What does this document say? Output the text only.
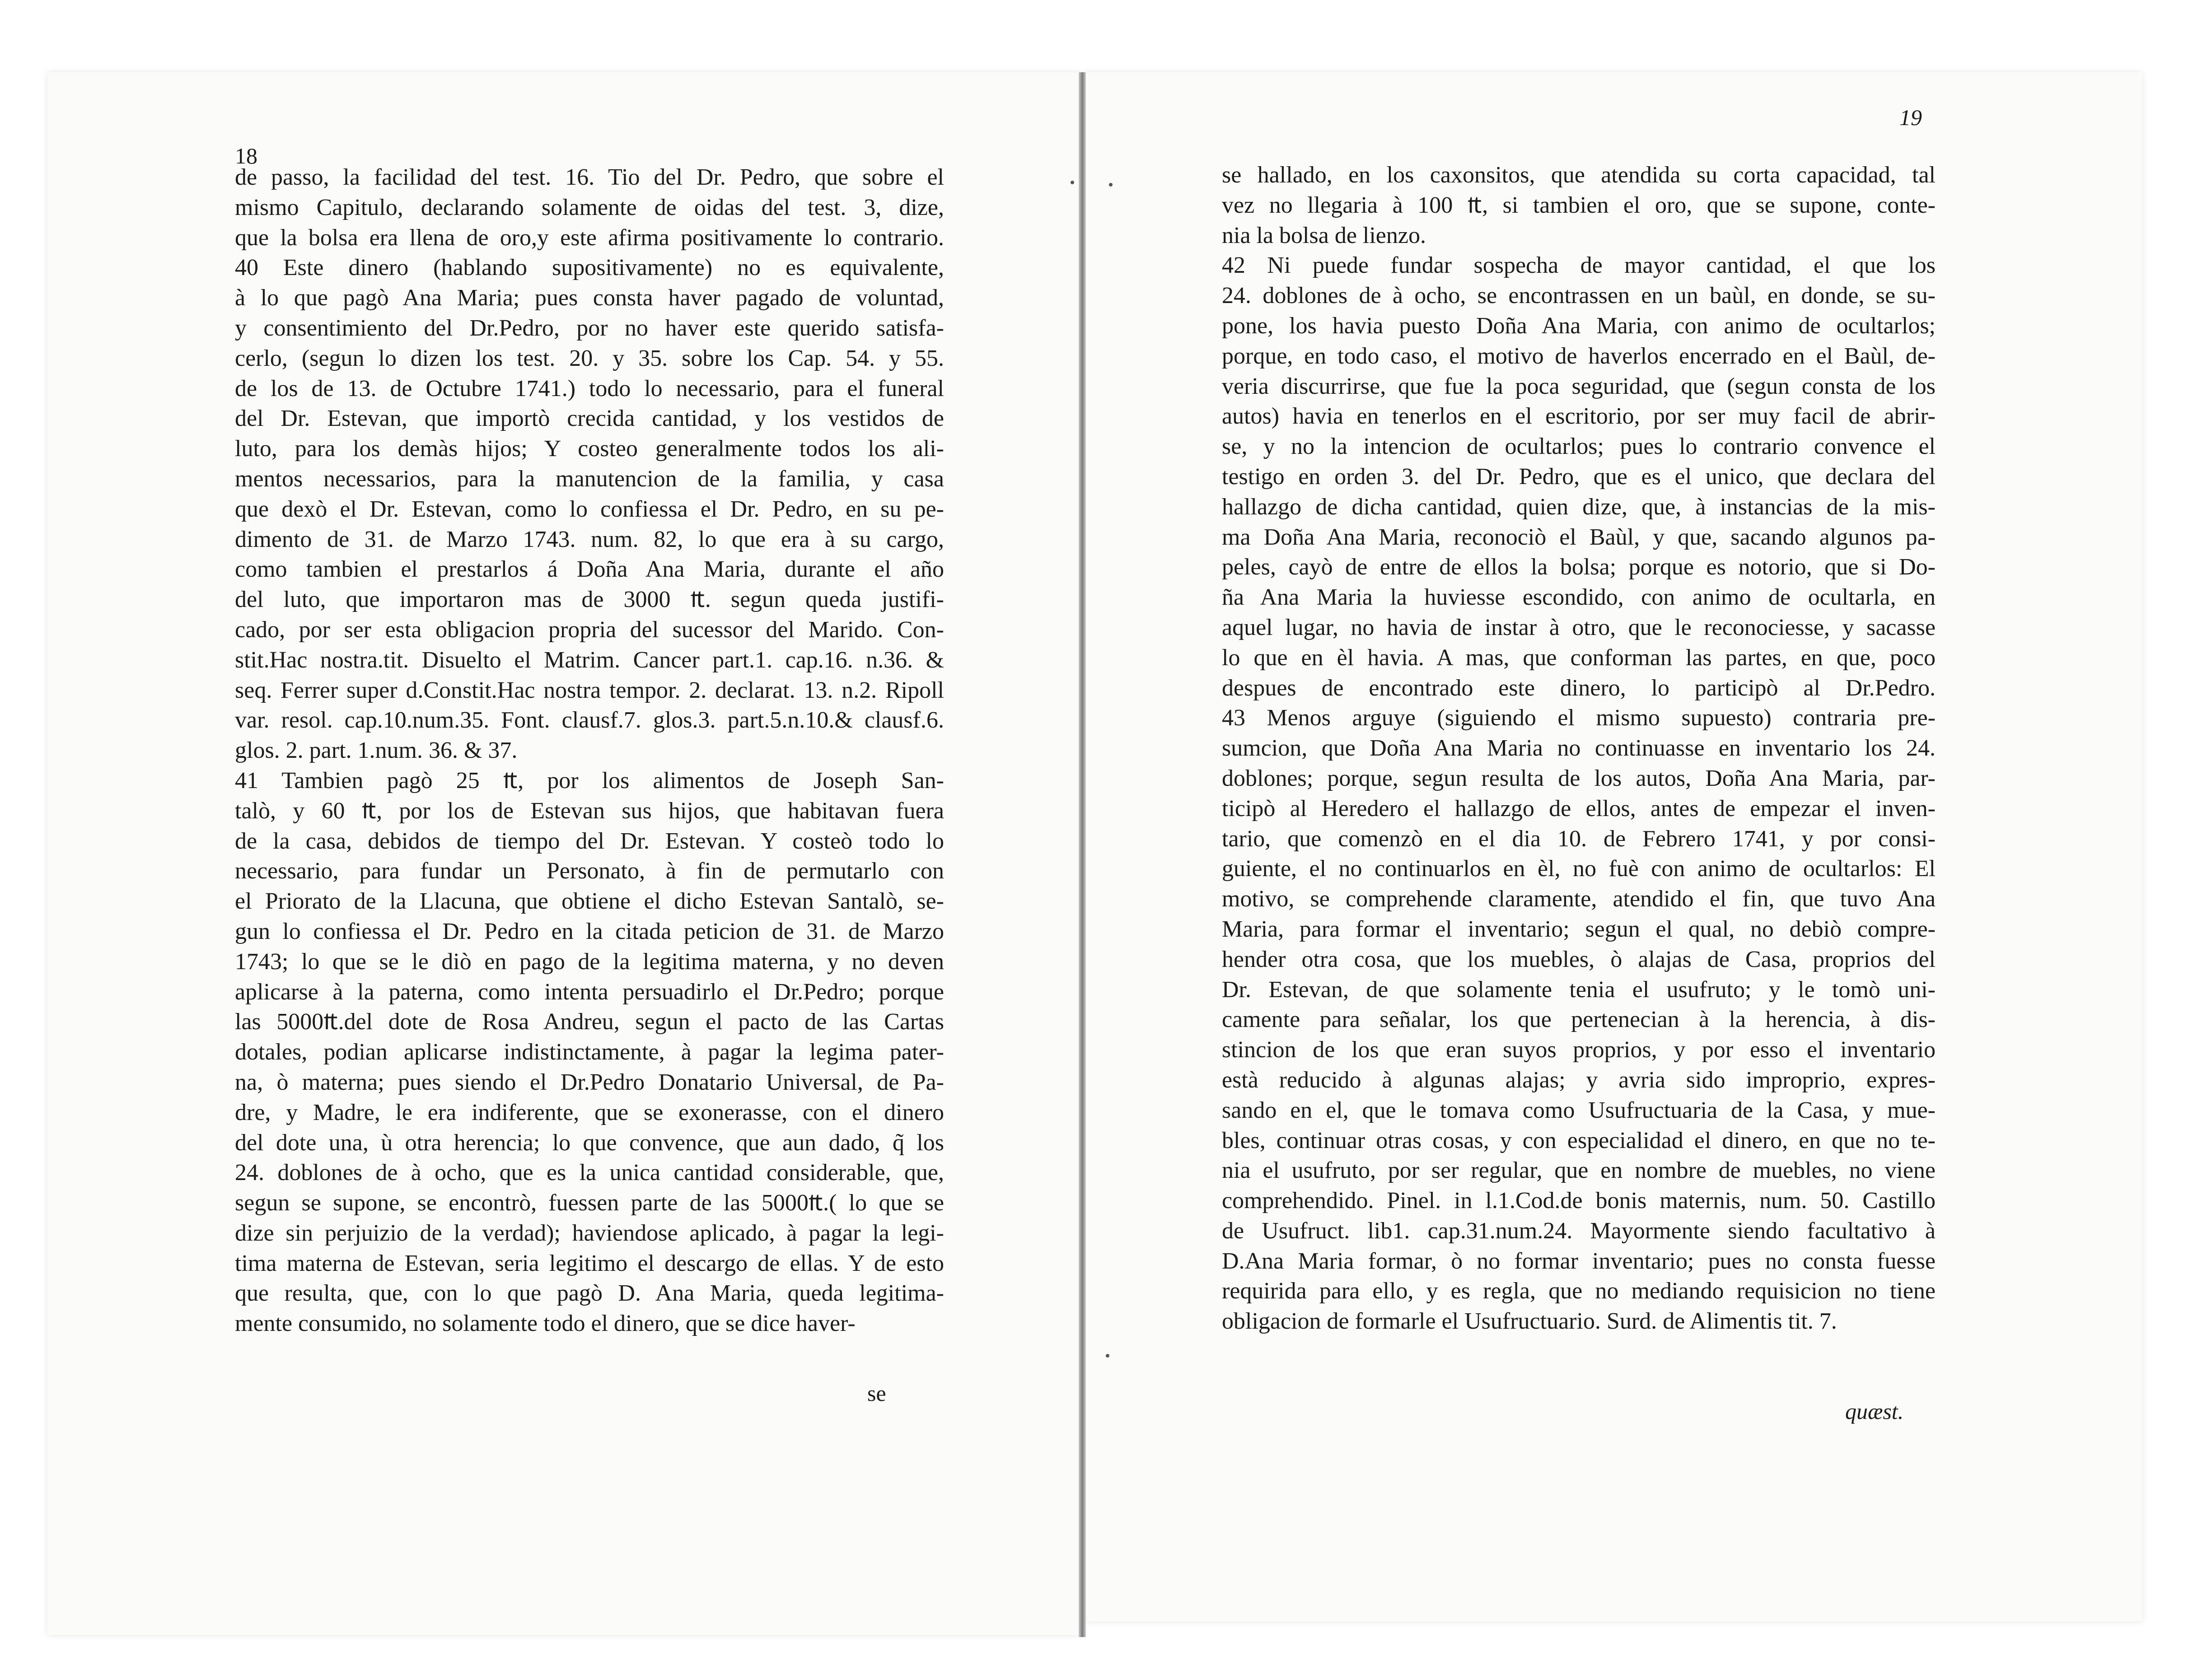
18
de passo, la facilidad del test. 16. Tio del Dr. Pedro, que sobre el
mismo Capitulo, declarando solamente de oidas del test. 3, dize,
que la bolsa era llena de oro,y este afirma positivamente lo contrario.
40 Este dinero (hablando supositivamente) no es equivalente,
à lo que pagò Ana Maria; pues consta haver pagado de voluntad,
y consentimiento del Dr.Pedro, por no haver este querido satisfa-
cerlo, (segun lo dizen los test. 20. y 35. sobre los Cap. 54. y 55.
de los de 13. de Octubre 1741.) todo lo necessario, para el funeral
del Dr. Estevan, que importò crecida cantidad, y los vestidos de
luto, para los demàs hijos; Y costeo generalmente todos los ali-
mentos necessarios, para la manutencion de la familia, y casa
que dexò el Dr. Estevan, como lo confiessa el Dr. Pedro, en su pe-
dimento de 31. de Marzo 1743. num. 82, lo que era à su cargo,
como tambien el prestarlos á Doña Ana Maria, durante el año
del luto, que importaron mas de 3000 ₶. segun queda justifi-
cado, por ser esta obligacion propria del sucessor del Marido. Con-
stit.Hac nostra.tit. Disuelto el Matrim. Cancer part.1. cap.16. n.36. &
seq. Ferrer super d.Constit.Hac nostra tempor. 2. declarat. 13. n.2. Ripoll
var. resol. cap.10.num.35. Font. clausf.7. glos.3. part.5.n.10.& clausf.6.
glos. 2. part. 1.num. 36. & 37.
41 Tambien pagò 25 ₶, por los alimentos de Joseph San-
talò, y 60 ₶, por los de Estevan sus hijos, que habitavan fuera
de la casa, debidos de tiempo del Dr. Estevan. Y costeò todo lo
necessario, para fundar un Personato, à fin de permutarlo con
el Priorato de la Llacuna, que obtiene el dicho Estevan Santalò, se-
gun lo confiessa el Dr. Pedro en la citada peticion de 31. de Marzo
1743; lo que se le diò en pago de la legitima materna, y no deven
aplicarse à la paterna, como intenta persuadirlo el Dr.Pedro; porque
las 5000₶.del dote de Rosa Andreu, segun el pacto de las Cartas
dotales, podian aplicarse indistinctamente, à pagar la legima pater-
na, ò materna; pues siendo el Dr.Pedro Donatario Universal, de Pa-
dre, y Madre, le era indiferente, que se exonerasse, con el dinero
del dote una, ù otra herencia; lo que convence, que aun dado, q̃ los
24. doblones de à ocho, que es la unica cantidad considerable, que,
segun se supone, se encontrò, fuessen parte de las 5000₶.( lo que se
dize sin perjuizio de la verdad); haviendose aplicado, à pagar la legi-
tima materna de Estevan, seria legitimo el descargo de ellas. Y de esto
que resulta, que, con lo que pagò D. Ana Maria, queda legitima-
mente consumido, no solamente todo el dinero, que se dice haver-
se
19
se hallado, en los caxonsitos, que atendida su corta capacidad, tal
vez no llegaria à 100 ₶, si tambien el oro, que se supone, conte-
nia la bolsa de lienzo.
42 Ni puede fundar sospecha de mayor cantidad, el que los
24. doblones de à ocho, se encontrassen en un baùl, en donde, se su-
pone, los havia puesto Doña Ana Maria, con animo de ocultarlos;
porque, en todo caso, el motivo de haverlos encerrado en el Baùl, de-
veria discurrirse, que fue la poca seguridad, que (segun consta de los
autos) havia en tenerlos en el escritorio, por ser muy facil de abrir-
se, y no la intencion de ocultarlos; pues lo contrario convence el
testigo en orden 3. del Dr. Pedro, que es el unico, que declara del
hallazgo de dicha cantidad, quien dize, que, à instancias de la mis-
ma Doña Ana Maria, reconociò el Baùl, y que, sacando algunos pa-
peles, cayò de entre de ellos la bolsa; porque es notorio, que si Do-
ña Ana Maria la huviesse escondido, con animo de ocultarla, en
aquel lugar, no havia de instar à otro, que le reconociesse, y sacasse
lo que en èl havia. A mas, que conforman las partes, en que, poco
despues de encontrado este dinero, lo participò al Dr.Pedro.
43 Menos arguye (siguiendo el mismo supuesto) contraria pre-
sumcion, que Doña Ana Maria no continuasse en inventario los 24.
doblones; porque, segun resulta de los autos, Doña Ana Maria, par-
ticipò al Heredero el hallazgo de ellos, antes de empezar el inven-
tario, que comenzò en el dia 10. de Febrero 1741, y por consi-
guiente, el no continuarlos en èl, no fuè con animo de ocultarlos: El
motivo, se comprehende claramente, atendido el fin, que tuvo Ana
Maria, para formar el inventario; segun el qual, no debiò compre-
hender otra cosa, que los muebles, ò alajas de Casa, proprios del
Dr. Estevan, de que solamente tenia el usufruto; y le tomò uni-
camente para señalar, los que pertenecian à la herencia, à dis-
stincion de los que eran suyos proprios, y por esso el inventario
està reducido à algunas alajas; y avria sido improprio, expres-
sando en el, que le tomava como Usufructuaria de la Casa, y mue-
bles, continuar otras cosas, y con especialidad el dinero, en que no te-
nia el usufruto, por ser regular, que en nombre de muebles, no viene
comprehendido. Pinel. in l.1.Cod.de bonis maternis, num. 50. Castillo
de Usufruct. lib1. cap.31.num.24. Mayormente siendo facultativo à
D.Ana Maria formar, ò no formar inventario; pues no consta fuesse
requirida para ello, y es regla, que no mediando requisicion no tiene
obligacion de formarle el Usufructuario. Surd. de Alimentis tit. 7.
quæst.
